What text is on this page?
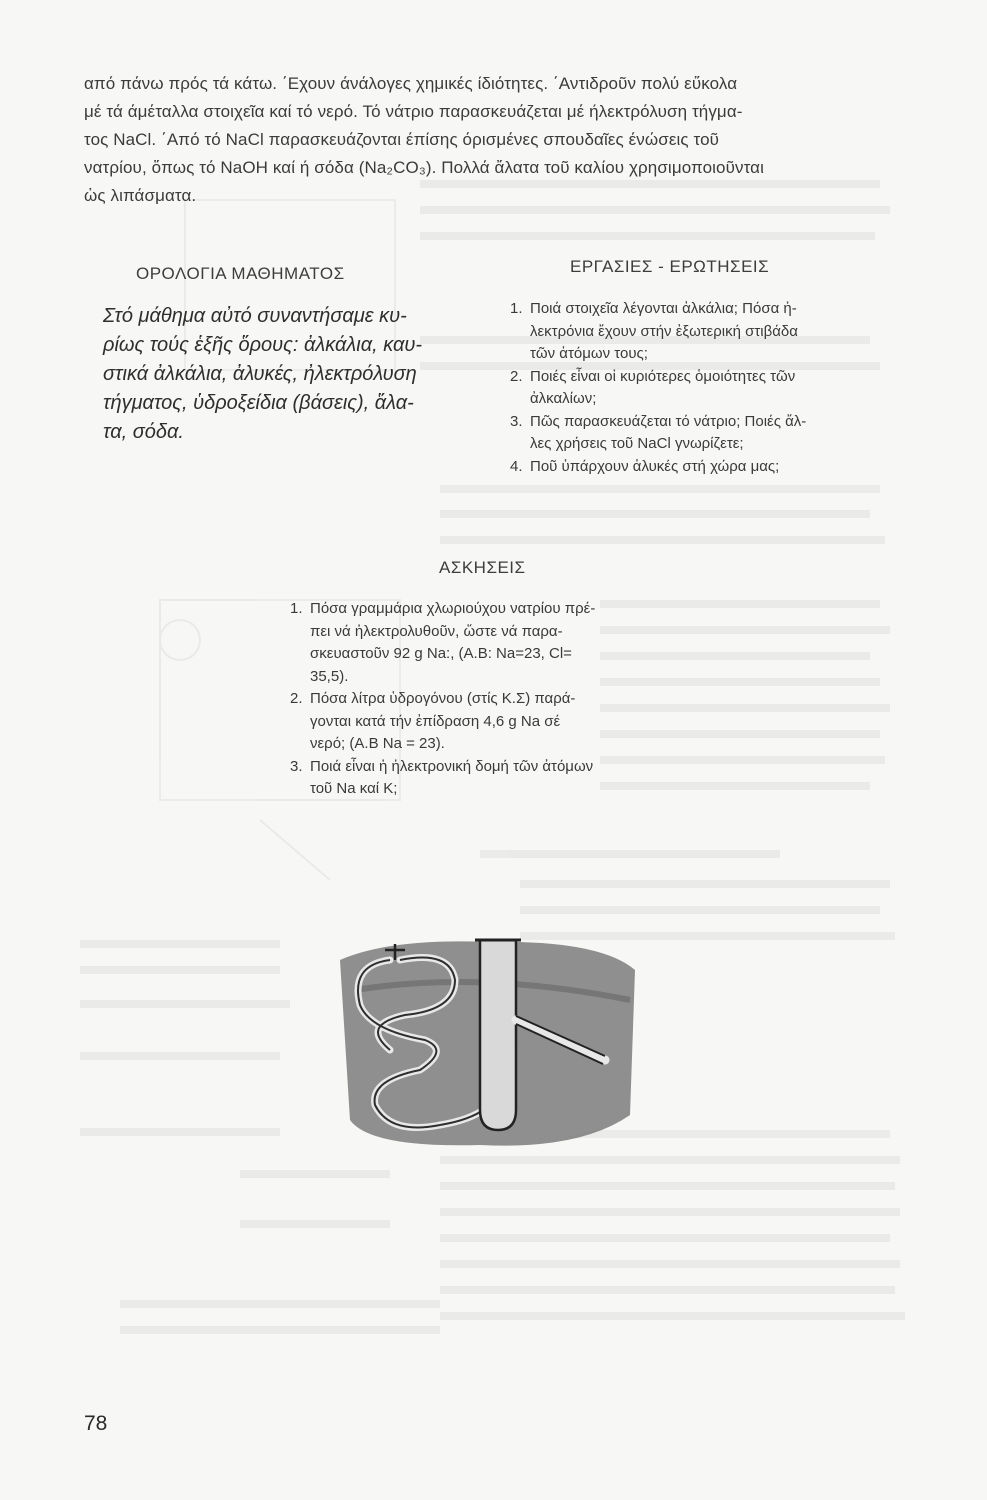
από πάνω πρός τά κάτω. ΄Εχουν άνάλογες χημικές ίδιότητες. ΄Αντιδροῦν πολύ εὔκολα
μέ τά άμέταλλα στοιχεῖα καί τό νερό. Τό νάτριο παρασκευάζεται μέ ήλεκτρόλυση τήγμα-
τος NaCl. ΄Από τό NaCl παρασκευάζονται έπίσης όρισμένες σπουδαῖες ένώσεις τοῦ
νατρίου, ὅπως τό NaOH καί ή σόδα (Na₂CO₃). Πολλά ἄλατα τοῦ καλίου χρησιμοποιοῦνται
ὡς λιπάσματα.
ΟΡΟΛΟΓΙΑ ΜΑΘΗΜΑΤΟΣ
Στό μάθημα αὐτό συναντήσαμε κυ-
ρίως τούς ἑξῆς ὅρους: ἀλκάλια, καυ-
στικά ἀλκάλια, ἀλυκές, ἠλεκτρόλυση
τήγματος, ὑδροξείδια (βάσεις), ἅλα-
τα, σόδα.
ΕΡΓΑΣΙΕΣ - ΕΡΩΤΗΣΕΙΣ
1. Ποιά στοιχεῖα λέγονται ἀλκάλια; Πόσα ἠ-
λεκτρόνια ἔχουν στήν ἐξωτερική στιβάδα
τῶν ἀτόμων τους;
2. Ποιές εἶναι οἱ κυριότερες ὁμοιότητες τῶν
ἀλκαλίων;
3. Πῶς παρασκευάζεται τό νάτριο; Ποιές ἄλ-
λες χρήσεις τοῦ NaCl γνωρίζετε;
4. Ποῦ ὑπάρχουν ἀλυκές στή χώρα μας;
ΑΣΚΗΣΕΙΣ
1. Πόσα γραμμάρια χλωριούχου νατρίου πρέ-
πει νά ἠλεκτρολυθοῦν, ὥστε νά παρα-
σκευαστοῦν 92 g Na:, (A.B: Na=23, Cl=
35,5).
2. Πόσα λίτρα ὑδρογόνου (στίς Κ.Σ) παρά-
γονται κατά τήν ἐπίδραση 4,6 g Na σέ
νερό; (A.B Na = 23).
3. Ποιά εἶναι ἡ ἠλεκτρονική δομή τῶν ἀτόμων
τοῦ Na καί K;
78
